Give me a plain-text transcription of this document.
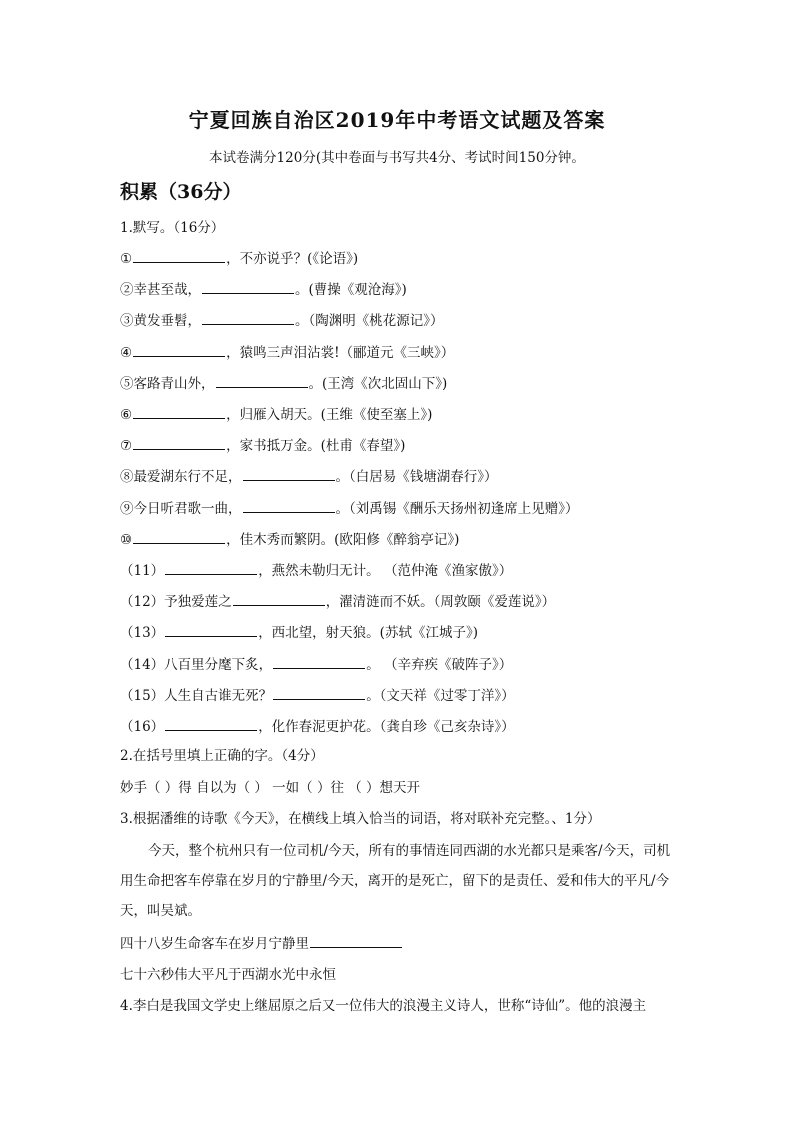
宁夏回族自治区2019年中考语文试题及答案
本试卷满分120分(其中卷面与书写共4分、考试时间150分钟。
积累（36分）
1.默写。（16分）
①	，不亦说乎？(《论语》)
②幸甚至哉，	。(曹操《观沧海》)
③黄发垂髫，	。（陶渊明《桃花源记》）
④	，猿鸣三声泪沾裳!（郦道元《三峡》）
⑤客路青山外，	。(王湾《次北固山下》)
⑥	，归雁入胡天。(王维《使至塞上》)
⑦	，家书抵万金。(杜甫《春望》)
⑧最爱湖东行不足，	。（白居易《钱塘湖春行》）
⑨今日听君歌一曲，	。（刘禹锡《酬乐天扬州初逢席上见赠》）
⑩	，佳木秀而繁阴。(欧阳修《醉翁亭记》)
（11）	，燕然未勒归无计。 （范仲淹《渔家傲》）
（12）予独爱莲之	，濯清涟而不妖。（周敦颐《爱莲说》）
（13）	，西北望，射天狼。(苏轼《江城子》)
（14）八百里分麾下炙，	。 （辛弃疾《破阵子》）
（15）人生自古谁无死？	。（文天祥《过零丁洋》）
（16）	，化作春泥更护花。（龚自珍《己亥杂诗》）
2.在括号里填上正确的字。（4分）
妙手（ ）得 自以为（ ） 一如（ ）往 （ ）想天开
3.根据潘维的诗歌《今天》，在横线上填入恰当的词语，将对联补充完整。、1分）
今天，整个杭州只有一位司机/今天，所有的事情连同西湖的水光都只是乘客/今天，司机用生命把客车停靠在岁月的宁静里/今天，离开的是死亡，留下的是责任、爱和伟大的平凡/今天，叫吴斌。
四十八岁生命客车在岁月宁静里
七十六秒伟大平凡于西湖水光中永恒
4.李白是我国文学史上继屈原之后又一位伟大的浪漫主义诗人，世称“诗仙”。他的浪漫主
